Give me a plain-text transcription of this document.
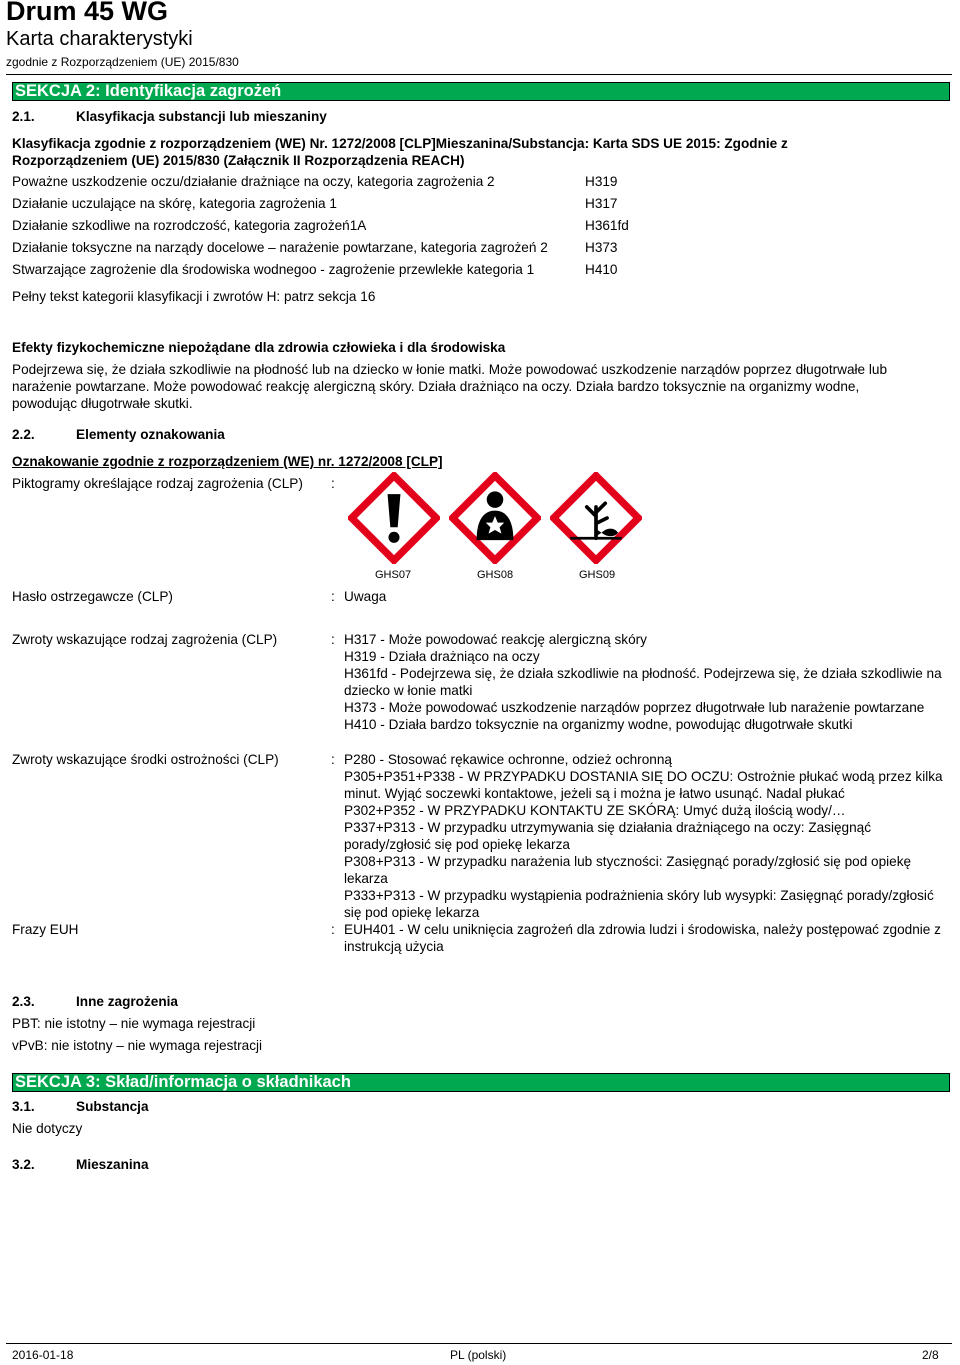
Drum 45 WG
Karta charakterystyki
zgodnie z Rozporządzeniem (UE) 2015/830
SEKCJA 2: Identyfikacja zagrożeń
2.1.	Klasyfikacja substancji lub mieszaniny
Klasyfikacja zgodnie z rozporządzeniem (WE) Nr. 1272/2008 [CLP]Mieszanina/Substancja: Karta SDS UE 2015: Zgodnie z
Rozporządzeniem (UE) 2015/830 (Załącznik II Rozporządzenia REACH)
Poważne uszkodzenie oczu/działanie drażniące na oczy, kategoria zagrożenia 2	H319
Działanie uczulające na skórę, kategoria zagrożenia 1	H317
Działanie szkodliwe na rozrodczość, kategoria zagrożeń1A	H361fd
Działanie toksyczne na narządy docelowe – narażenie powtarzane, kategoria zagrożeń 2	H373
Stwarzające zagrożenie dla środowiska wodnegoo - zagrożenie przewlekłe kategoria 1	H410
Pełny tekst kategorii klasyfikacji i zwrotów H: patrz sekcja 16
Efekty fizykochemiczne niepożądane dla zdrowia człowieka i dla środowiska
Podejrzewa się, że działa szkodliwie na płodność lub na dziecko w łonie matki. Może powodować uszkodzenie narządów poprzez długotrwałe lub
narażenie powtarzane. Może powodować reakcję alergiczną skóry. Działa drażniąco na oczy. Działa bardzo toksycznie na organizmy wodne,
powodując długotrwałe skutki.
2.2.	Elementy oznakowania
Oznakowanie zgodnie z rozporządzeniem (WE) nr. 1272/2008 [CLP]
Piktogramy określające rodzaj zagrożenia (CLP) :
GHS07	GHS08	GHS09
Hasło ostrzegawcze (CLP)	: Uwaga
Zwroty wskazujące rodzaj zagrożenia (CLP)	: H317 - Może powodować reakcję alergiczną skóry
H319 - Działa drażniąco na oczy
H361fd - Podejrzewa się, że działa szkodliwie na płodność. Podejrzewa się, że działa szkodliwie na dziecko w łonie matki
H373 - Może powodować uszkodzenie narządów poprzez długotrwałe lub narażenie powtarzane
H410 - Działa bardzo toksycznie na organizmy wodne, powodując długotrwałe skutki
Zwroty wskazujące środki ostrożności (CLP)	: P280 - Stosować rękawice ochronne, odzież ochronną
P305+P351+P338 - W PRZYPADKU DOSTANIA SIĘ DO OCZU: Ostrożnie płukać wodą przez kilka minut. Wyjąć soczewki kontaktowe, jeżeli są i można je łatwo usunąć. Nadal płukać
P302+P352 - W PRZYPADKU KONTAKTU ZE SKÓRĄ: Umyć dużą ilością wody/…
P337+P313 - W przypadku utrzymywania się działania drażniącego na oczy: Zasięgnąć porady/zgłosić się pod opiekę lekarza
P308+P313 - W przypadku narażenia lub styczności: Zasięgnąć porady/zgłosić się pod opiekę lekarza
P333+P313 - W przypadku wystąpienia podrażnienia skóry lub wysypki: Zasięgnąć porady/zgłosić się pod opiekę lekarza
Frazy EUH	: EUH401 - W celu uniknięcia zagrożeń dla zdrowia ludzi i środowiska, należy postępować zgodnie z instrukcją użycia
2.3.	Inne zagrożenia
PBT: nie istotny – nie wymaga rejestracji
vPvB: nie istotny – nie wymaga rejestracji
SEKCJA 3: Skład/informacja o składnikach
3.1.	Substancja
Nie dotyczy
3.2.	Mieszanina
2016-01-18	PL (polski)	2/8
